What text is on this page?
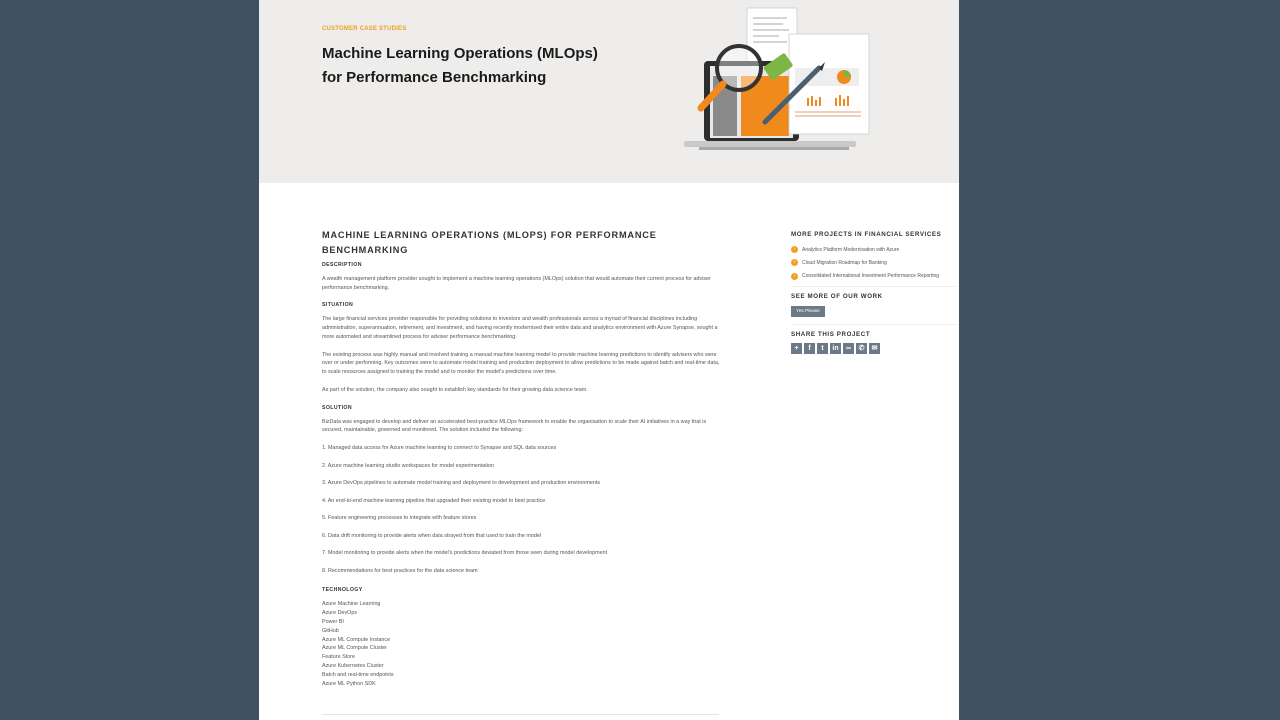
CUSTOMER CASE STUDIES
Machine Learning Operations (MLOps)
for Performance Benchmarking
MACHINE LEARNING OPERATIONS (MLOPS) FOR PERFORMANCE BENCHMARKING
DESCRIPTION
A wealth management platform provider sought to implement a machine learning operations (MLOps) solution that would automate their current process for adviser performance benchmarking.
SITUATION
The large financial services provider responsible for providing solutions to investors and wealth professionals across a myriad of financial disciplines including administration, superannuation, retirement, and investment, and having recently modernised their entire data and analytics environment with Azure Synapse, sought a more automated and streamlined process for adviser performance benchmarking.
The existing process was highly manual and involved training a manual machine learning model to provide machine learning predictions to identify advisers who were over or under performing. Key outcomes were to automate model training and production deployment to allow predictions to be made against batch and real-time data, to scale resources assigned to training the model and to monitor the model's predictions over time.
As part of the solution, the company also sought to establish key standards for their growing data science team.
SOLUTION
BizData was engaged to develop and deliver an accelerated best-practice MLOps framework to enable the organisation to scale their AI initiatives in a way that is secured, maintainable, governed and monitored. The solution included the following:
1. Managed data access for Azure machine learning to connect to Synapse and SQL data sources
2. Azure machine learning studio workspaces for model experimentation
3. Azure DevOps pipelines to automate model training and deployment to development and production environments
4. An end-to-end machine learning pipeline that upgraded their existing model to best practice
5. Feature engineering processes to integrate with feature stores
6. Data drift monitoring to provide alerts when data strayed from that used to train the model
7. Model monitoring to provide alerts when the model's predictions deviated from those seen during model development
8. Recommendations for best practices for the data science team
TECHNOLOGY
Azure Machine Learning
Azure DevOps
Power BI
GitHub
Azure ML Compute Instance
Azure ML Compute Cluster
Feature Store
Azure Kubernetes Cluster
Batch and real-time endpoints
Azure ML Python SDK
MORE PROJECTS IN FINANCIAL SERVICES
›	Analytics Platform Modernisation with Azure
›	Cloud Migration Roadmap for Banking
›	Consolidated International Investment Performance Reporting
SEE MORE OF OUR WORK
Yes Please
SHARE THIS PROJECT
+	f	t	in	∞	✆	✉
